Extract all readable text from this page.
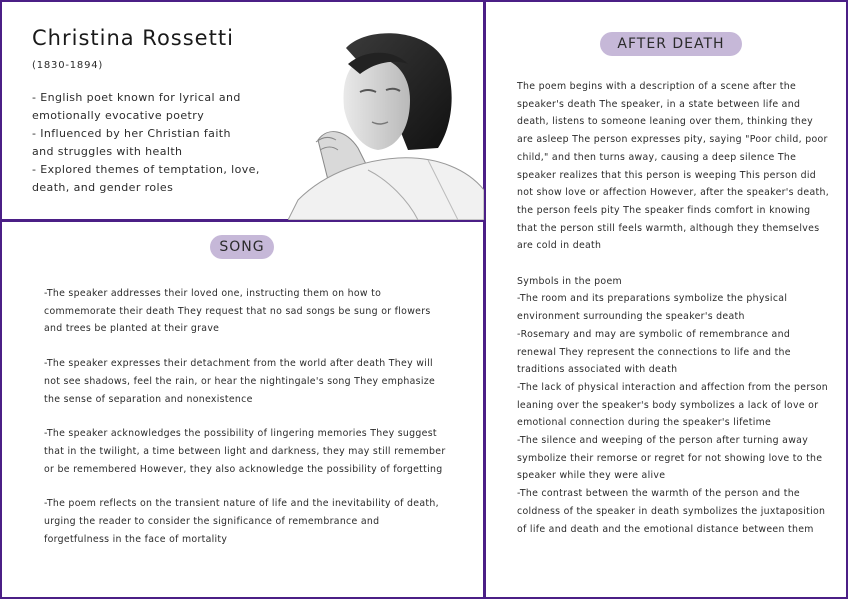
Christina Rossetti
(1830-1894)
- English poet known for lyrical and
emotionally evocative poetry
- Influenced by her Christian faith
and struggles with health
- Explored themes of temptation, love,
death, and gender roles
SONG

-The speaker addresses their loved one, instructing them on how to commemorate their death They request that no sad songs be sung or flowers and trees be planted at their grave

-The speaker expresses their detachment from the world after death They will not see shadows, feel the rain, or hear the nightingale's song They emphasize the sense of separation and nonexistence

-The speaker acknowledges the possibility of lingering memories They suggest that in the twilight, a time between light and darkness, they may still remember or be remembered However, they also acknowledge the possibility of forgetting

-The poem reflects on the transient nature of life and the inevitability of death, urging the reader to consider the significance of remembrance and forgetfulness in the face of mortality

AFTER DEATH

The poem begins with a description of a scene after the speaker's death The speaker, in a state between life and death, listens to someone leaning over them, thinking they are asleep The person expresses pity, saying "Poor child, poor child," and then turns away, causing a deep silence The speaker realizes that this person is weeping This person did not show love or affection However, after the speaker's death, the person feels pity The speaker finds comfort in knowing that the person still feels warmth, although they themselves are cold in death

Symbols in the poem

-The room and its preparations symbolize the physical environment surrounding the speaker's death

-Rosemary and may are symbolic of remembrance and renewal They represent the connections to life and the traditions associated with death

-The lack of physical interaction and affection from the person leaning over the speaker's body symbolizes a lack of love or emotional connection during the speaker's lifetime

-The silence and weeping of the person after turning away symbolize their remorse or regret for not showing love to the speaker while they were alive

-The contrast between the warmth of the person and the coldness of the speaker in death symbolizes the juxtaposition of life and death and the emotional distance between them
